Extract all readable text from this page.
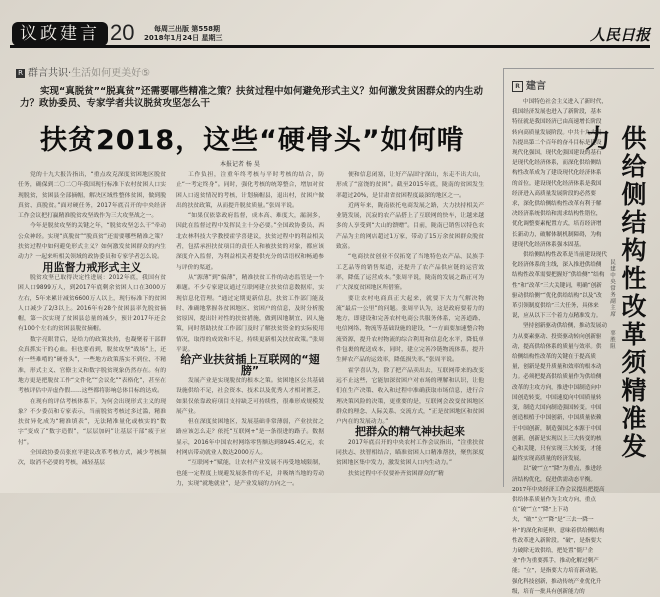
议政建言 20	每周三出版 第558期
2018年1月24日 星期三	人民日报
R 群言共识·生活如何更美好⑤
实现“真脱贫”“脱真贫”还需要哪些精准之策？扶贫过程中如何避免形式主义？如何激发贫困群众的内生动力？政协委员、专家学者共议脱贫攻坚怎么干
扶贫2018，这些“硬骨头”如何啃
本报记者 杨 昊

党的十九大报告指出，“重点攻克深度贫困地区脱贫任务，确保到二〇二〇年我国现行标准下农村贫困人口实现脱贫，贫困县全部摘帽，解决区域性整体贫困，做到脱真贫、真脱贫。”面对硬任务，2017年底召开的中央经济工作会议把打赢精准脱贫攻坚战作为三大攻坚战之一。

今年是脱贫攻坚的关键之年，“脱贫攻坚怎么干”牵动公众神经。实现“真脱贫”“脱真贫”还需要哪些精准之策？扶贫过程中如何避免形式主义？如何激发贫困群众的内生动力？一起来听相关领域的政协委员和专家学者怎么说。

用监督力戒形式主义

脱贫攻坚已取得决定性进展：2012年底，我国有贫困人口9899万人，到2017年底剩余贫困人口在3000万左右，5年来累计减贫6600万人以上，现行标准下的贫困人口减少了2/3以上。2016年有28个贫困县率先脱贫摘帽，第一次实现了贫困县总量的减少，预计2017年还会有100个左右的贫困县脱贫摘帽。

数字亮眼背后，是给力的政策扶持，也凝聚着干部群众真抓实干的心血。但也要看到，脱贫攻坚“战场”上，还有一些难啃的“硬骨头”，一些地方政策落实不到位、不精准，形式主义、官僚主义和数字脱贫现象仍然存在。有的地方更是把脱贫工作“文件化”“会议化”“表格化”，甚至在考核评估中弄虚作假……这些都将影响总体目标的达成。

在现有的评估考核体系下，为何会出现形式主义的现象？不少委员和专家表示，当前脱贫考核过多过滥，精准扶贫异化成为“精准填表”，无法精准量化或核实的“数字”变成了“数字造假”，“层层加码”让基层干部“疲于应付”。

全国政协委员张庶平建议改革考核方式，减少考核频次，取消不必要的考核，减轻基层

工作负担，注重年终考核与平时考核的结合，防止“一考定终身”。同时，强化考核的统筹整合，增加对贫困人口返贫情况的考核，计划摘帽县，退出村，贫困户做出的扶贫政策，从而提升脱贫质量。”张周平说。

“如果仅依靠政府监督，成本高、难度大，漏洞多，因此在监督过程中发挥民主十分必要。”全国政协委员、西北农林科技大学教授霍学喜建议，扶贫过程中的利益相关者，包括承担扶贫项目的责任人和被扶贫的对象，都应该深度介入监督，为利益相关者提供充分的话语权和畅通参与评价的渠道。

从“源薄”到“偏薄”，精准扶贫工作的动态监管是一个难题。不少专家建议通过互联网建立扶贫信息数据库，实现信息化管理。“通过定期更新信息，扶贫工作部门能及时、准确地掌握各贫困地区、贫困户的信息，及时分析脱贫原因，提出针对性的扶贫措施，做到因地制宜、因人施策，同时帮助扶贫工作部门及时了解扶贫资金的实际使用情况，取得的成效和不足，持续更新相关扶贫政策。”张周平说。

给产业扶贫插上互联网的“翅膀”

发展产业是实现脱贫的根本之策。贫困地区公共基础设施供给不足，社会资本、技术以及优秀人才相对匮乏，如果仅依靠政府项目支持缺乏可持续性，很难形成规模发展产业。

但在深度贫困地区，发展基础非常薄弱，产业扶贫之路应该怎么走？依托“互联网+”是一条很进的路子。数据显示，2016年中国农村网络零售额达到8945.4亿元，农村网店带动就业人数达2000万人。

“互联网+”赋能，让农村产业发展不再受地域限制，也能一定程度上规避发展条件的不足，并吸纳当地的劳动力，实现“就地就业”，是产业发展的方向之一。

便和信息闭塞，让好产品固守深山，东走不出大山，形成了“富饶的贫困”。截至2015年底，陇南的贫困发生率超过20%，是甘肃省贫困程度最深的地区之一。

近两年来，陇南依托电商发展之路，大力扶持相关产业链发展，沉寂的农产品搭上了互联网的快车，让越来越多的人享受到“大山的馈赠”。目前，陇南已销售以特色农产品为主的网店超过1万家，带动了15万余贫困群众脱贫致富。

“电商扶贫创业不仅拓宽了当地特色农产品、民族手工艺品等的销售渠道，还提升了农产品供应链的运营效率，降低了运营成本。”张周平说，陇南的发展之路正可为广大深度贫困地区所借鉴。

要让农村电商真正大起来，就要下大力气解决物流“最后一公里”的问题。张周平认为，这是政府要着力的地方，即建设和完善农村电商公共服务体系，完善道路、电信网络、物流等基础设施的建设，“一方面要加速整合物流资源，提升农村物流的综合利用和信息化水平，降低单件包裹的配送成本，同时，建立完善冷链物流体系，提升生鲜农产品的运效率，降低损失率。”张周平说。

霍学喜认为，除了把产品卖出去，互联网带来的改变远不止这些，它能加深贫困户对市场的理解和认识，让他们在生产决策、收入和过程中准确获取市场信息，进行合理决策风险的决策，更重要的是，互联网会改变贫困地区群众的理念、人际关系、交流方式，“正是贫困地区和贫困户内在的发展动力。”

把群众的精气神扶起来

2017年底召开的中央农村工作会议指出，“注重扶贫同扶志、扶智相结合，瞄准贫困人口精准帮扶，聚焦深度贫困地区集中发力，激发贫困人口内生动力。”

扶贫过程中不仅要补齐贫困群众的“精

R 建言

中国特色社会主义进入了新时代，我国经济发展也进入了新阶段，基本特征就是我国经济已由高速增长阶段转向高质量发展阶段。中共十九大报告提出第二个百年的奋斗目标是建设现代化强国，现代化强国建设的基石是现代化经济体系，而深化供给侧结构性改革成为了建设现代化经济体系的首位。建设现代化经济体系是我国经济进入高质量发展阶段的必然要求，深化供给侧结构性改革有利于解决经济系统供给和需求结构性错位，优化调整要素配置方式，培育经济增长新动力，破解体制机制障碍，为构建现代化经济体系强本固基。

供给侧结构性改革是当前建设现代化经济体系的主线，深入推进供给侧结构性改革需要把握好“供给侧”“结构性”和“改革”三大关键词，明确“创新驱动供给侧”“优化供给结构”以及“改革引领制度供给”三大任务，具体来说，应从以下三个着力点精准发力。

坚持创新驱动供给侧，推动发展动力从要素驱动、投资驱动转向创新驱动，提高供给体系的质量与效率。供给侧结构性改革的关键在于提高质量，创新是提升质量和效率的根本动力。必须把提高供给质量作为供给侧改革的主攻方向，推进中国制造向中国创造转变，中国速度向中国质量转变，制造大国向制造强国转变。中国创造根植于中国创新，中国质量依赖于中国创新，制造强国之本源于中国创新。创新是实现以上三大转变的核心和关键，只有实现三大转变，才能最终实现高质量的经济发展。

以“破”“立”“降”为重点，推进经济结构优化，促进供需动态平衡。2017年中央经济工作会议提出把提高供给体系质量作为主攻方向，重点在“破”“立”“降”上下功夫，“破”“立”“降”是“三去一降一补”的深化和延伸，意味着供给侧结构性改革进入新阶段。“破”，是指要大力破除无效供给，把处置“僵尸企业”作为重要抓手，推动化解过剩产能；“立”，是指要大力培育新动能，强化科技创新，推动传统产业优化升级，培育一批具有创新能力的

民建中央常务副主席 辜胜阻 供给侧结构性改革须精准发力
